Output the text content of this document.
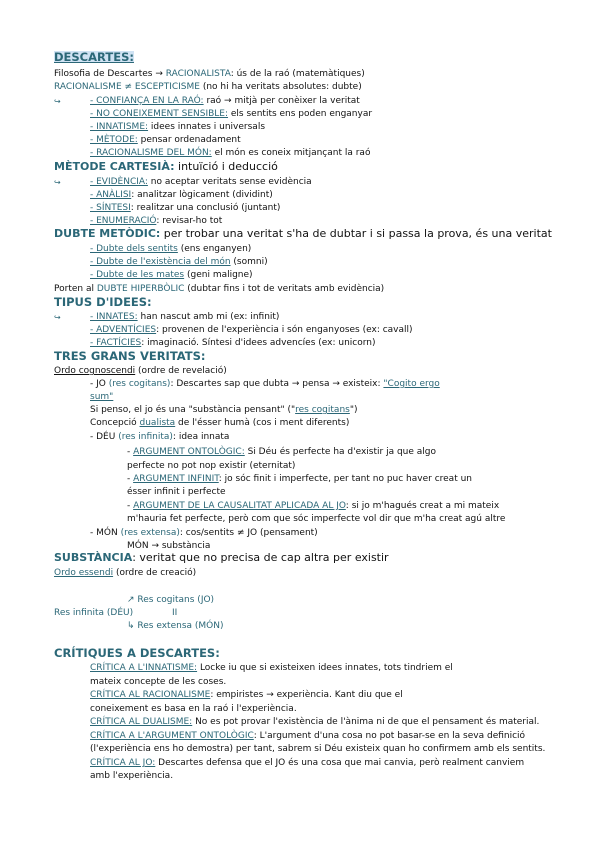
DESCARTES:
Filosofia de Descartes → RACIONALISTA: ús de la raó (matemàtiques)
RACIONALISME ≠ ESCEPTICISME (no hi ha veritats absolutes: dubte)
↪	- CONFIANÇA EN LA RAÓ: raó → mitjà per conèixer la veritat
- NO CONEIXEMENT SENSIBLE: els sentits ens poden enganyar
- INNATISME: idees innates i universals
- MÈTODE: pensar ordenadament
- RACIONALISME DEL MÓN: el món es coneix mitjançant la raó
MÈTODE CARTESIÀ: intuïció i deducció
↪	- EVIDÈNCIA: no aceptar veritats sense evidència
- ANÀLISI: analitzar lògicament (dividint)
- SÍNTESI: realitzar una conclusió (juntant)
- ENUMERACIÓ: revisar-ho tot
DUBTE METÒDIC: per trobar una veritat s'ha de dubtar i si passa la prova, és una veritat
- Dubte dels sentits (ens enganyen)
- Dubte de l'existència del món (somni)
- Dubte de les mates (geni maligne)
Porten al DUBTE HIPERBÒLIC (dubtar fins i tot de veritats amb evidència)
TIPUS D'IDEES:
↪	- INNATES: han nascut amb mi (ex: infinit)
- ADVENTÍCIES: provenen de l'experiència i són enganyoses (ex: cavall)
- FACTÍCIES: imaginació. Síntesi d'idees advencíes (ex: unicorn)
TRES GRANS VERITATS:
Ordo cognoscendi (ordre de revelació)
- JO (res cogitans): Descartes sap que dubta → pensa → existeix: "Cogito ergo
sum"
Si penso, el jo és una "substància pensant" ("res cogitans")
Concepció dualista de l'ésser humà (cos i ment diferents)
- DÉU (res infinita): idea innata
- ARGUMENT ONTOLÒGIC: Si Déu és perfecte ha d'existir ja que algo
perfecte no pot nop existir (eternitat)
- ARGUMENT INFINIT: jo sóc finit i imperfecte, per tant no puc haver creat un
ésser infinit i perfecte
- ARGUMENT DE LA CAUSALITAT APLICADA AL JO: si jo m'hagués creat a mi mateix
m'hauria fet perfecte, però com que sóc imperfecte vol dir que m'ha creat agú altre
- MÓN (res extensa): cos/sentits ≠ JO (pensament)
MÓN → substància
SUBSTÀNCIA: veritat que no precisa de cap altra per existir
Ordo essendi (ordre de creació)
↗ Res cogitans (JO)
Res infinita (DÉU)	II
↳ Res extensa (MÓN)
CRÍTIQUES A DESCARTES:
CRÍTICA A L'INNATISME: Locke iu que si existeixen idees innates, tots tindriem el
mateix concepte de les coses.
CRÍTICA AL RACIONALISME: empiristes → experiència. Kant diu que el
coneixement es basa en la raó i l'experiència.
CRÍTICA AL DUALISME: No es pot provar l'existència de l'ànima ni de que el pensament és material.
CRÍTICA A L'ARGUMENT ONTOLÒGIC: L'argument d'una cosa no pot basar-se en la seva definició
(l'experiència ens ho demostra) per tant, sabrem si Déu existeix quan ho confirmem amb els sentits.
CRÍTICA AL JO: Descartes defensa que el JO és una cosa que mai canvia, però realment canviem
amb l'experiència.
